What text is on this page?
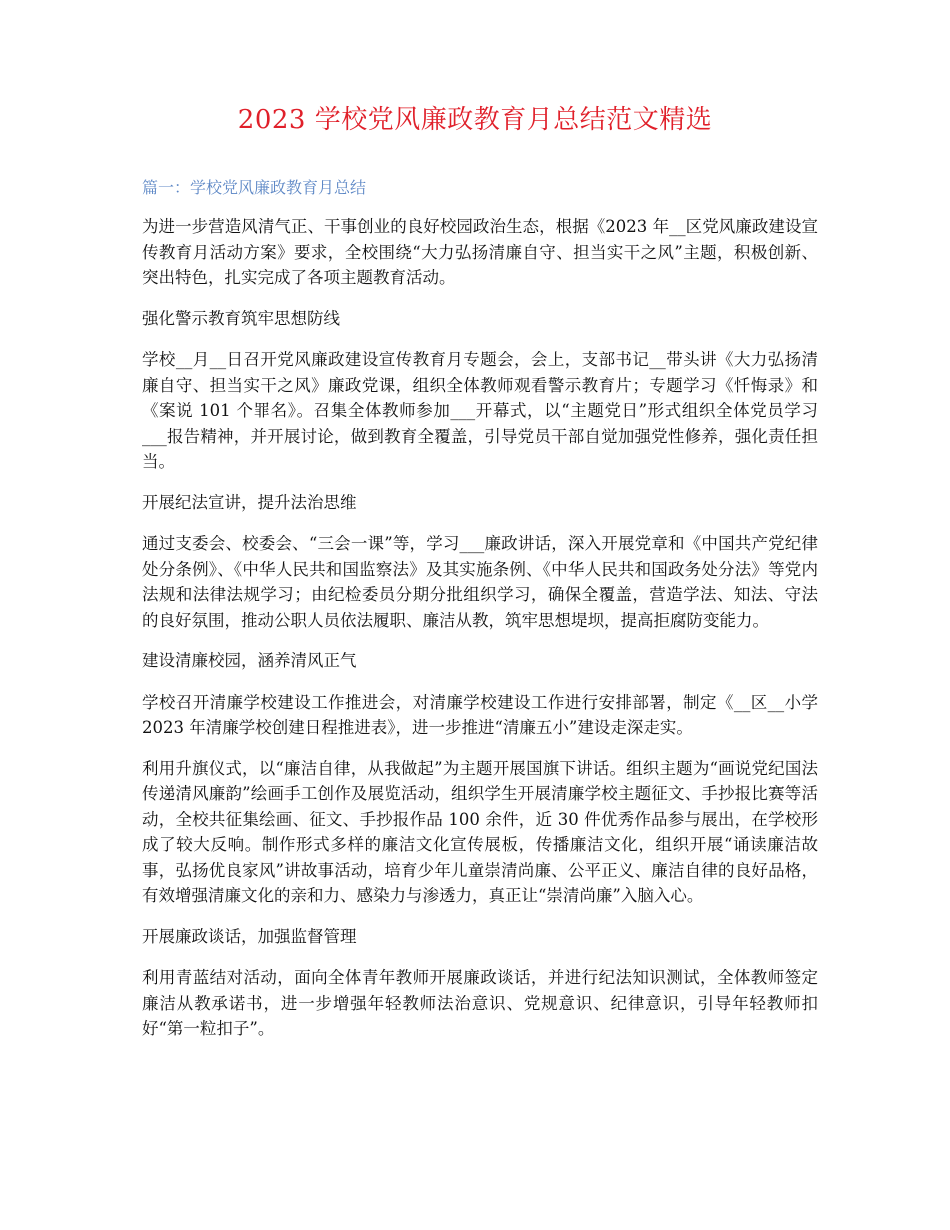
2023 学校党风廉政教育月总结范文精选
篇一：学校党风廉政教育月总结

为进一步营造风清气正、干事创业的良好校园政治生态，根据《2023 年__区党风廉政建设宣传教育月活动方案》要求，全校围绕“大力弘扬清廉自守、担当实干之风”主题，积极创新、突出特色，扎实完成了各项主题教育活动。

强化警示教育筑牢思想防线

学校__月__日召开党风廉政建设宣传教育月专题会，会上，支部书记__带头讲《大力弘扬清廉自守、担当实干之风》廉政党课，组织全体教师观看警示教育片；专题学习《忏悔录》和《案说 101 个罪名》。召集全体教师参加___开幕式，以“主题党日”形式组织全体党员学习___报告精神，并开展讨论，做到教育全覆盖，引导党员干部自觉加强党性修养，强化责任担当。

开展纪法宣讲，提升法治思维

通过支委会、校委会、“三会一课”等，学习___廉政讲话，深入开展党章和《中国共产党纪律处分条例》、《中华人民共和国监察法》及其实施条例、《中华人民共和国政务处分法》等党内法规和法律法规学习；由纪检委员分期分批组织学习，确保全覆盖，营造学法、知法、守法的良好氛围，推动公职人员依法履职、廉洁从教，筑牢思想堤坝，提高拒腐防变能力。

建设清廉校园，涵养清风正气

学校召开清廉学校建设工作推进会，对清廉学校建设工作进行安排部署，制定《__区__小学 2023 年清廉学校创建日程推进表》，进一步推进“清廉五小”建设走深走实。

利用升旗仪式，以“廉洁自律，从我做起”为主题开展国旗下讲话。组织主题为“画说党纪国法传递清风廉韵”绘画手工创作及展览活动，组织学生开展清廉学校主题征文、手抄报比赛等活动，全校共征集绘画、征文、手抄报作品 100 余件，近 30 件优秀作品参与展出，在学校形成了较大反响。制作形式多样的廉洁文化宣传展板，传播廉洁文化，组织开展“诵读廉洁故事，弘扬优良家风”讲故事活动，培育少年儿童崇清尚廉、公平正义、廉洁自律的良好品格，有效增强清廉文化的亲和力、感染力与渗透力，真正让“崇清尚廉”入脑入心。

开展廉政谈话，加强监督管理

利用青蓝结对活动，面向全体青年教师开展廉政谈话，并进行纪法知识测试，全体教师签定廉洁从教承诺书，进一步增强年轻教师法治意识、党规意识、纪律意识，引导年轻教师扣好“第一粒扣子”。
